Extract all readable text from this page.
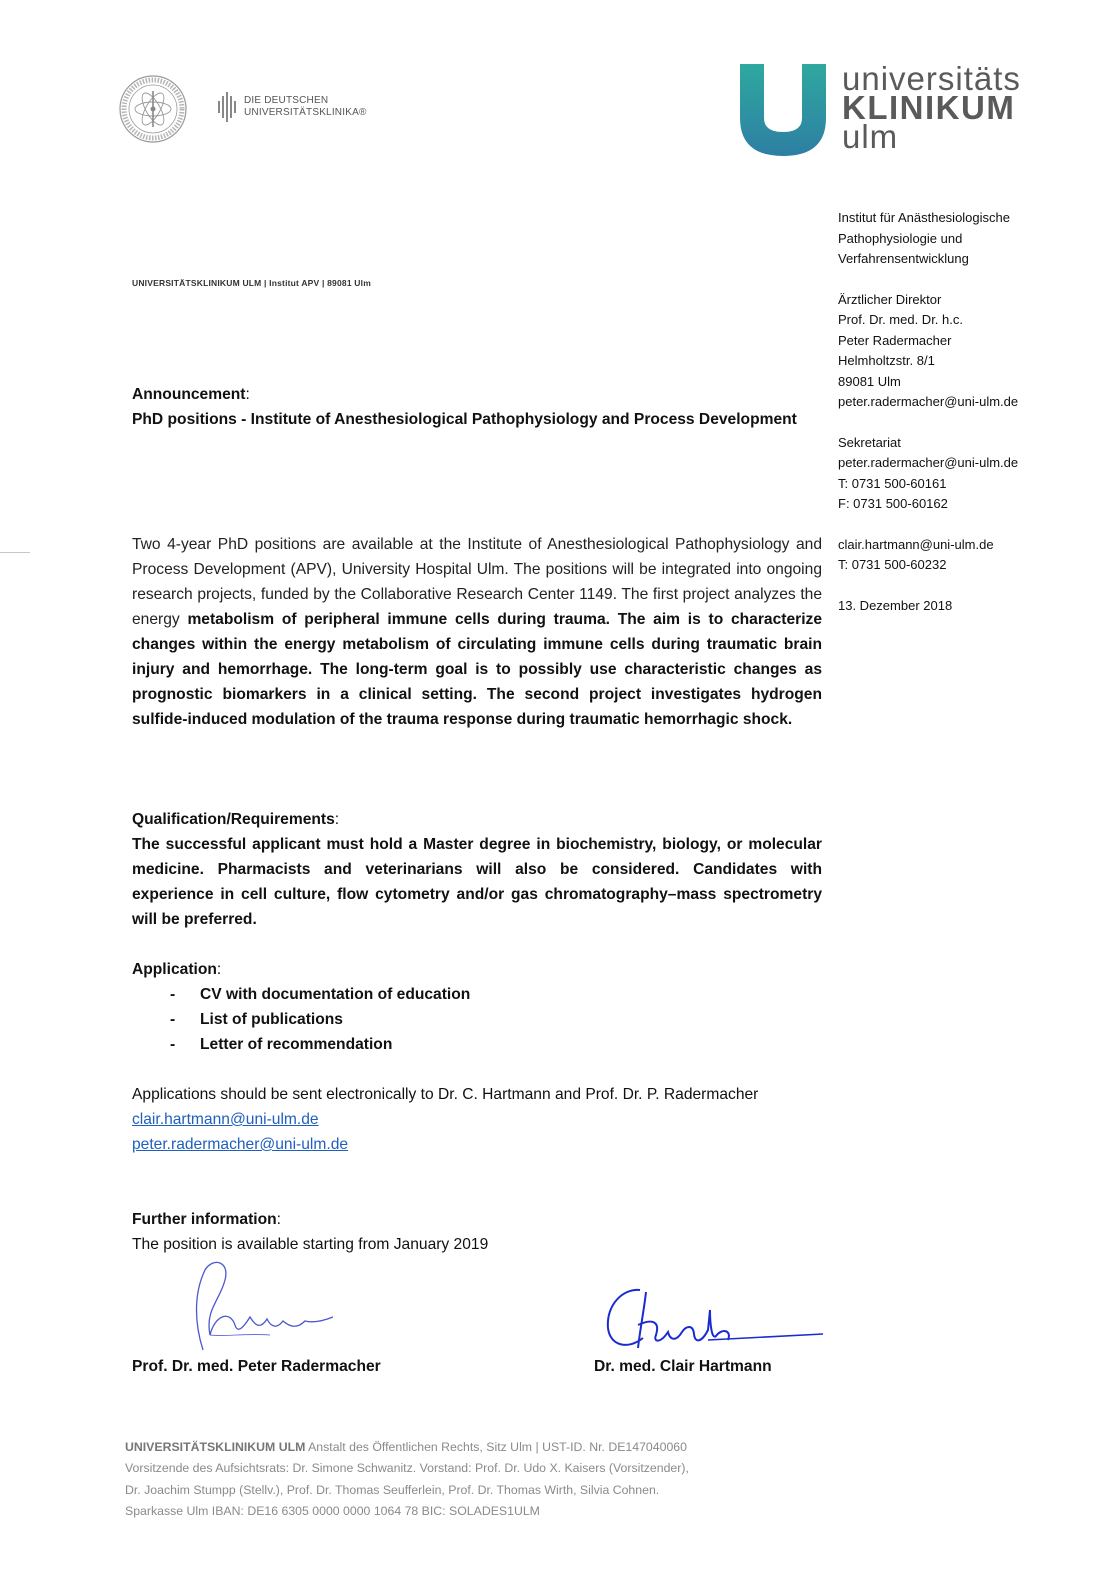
DIE DEUTSCHEN
UNIVERSITÄTSKLINIKA®
universitäts
KLINIKUM
ulm
Institut für Anästhesiologische
Pathophysiologie und
Verfahrensentwicklung
Ärztlicher Direktor
Prof. Dr. med. Dr. h.c.
Peter Radermacher
Helmholtzstr. 8/1
89081 Ulm
peter.radermacher@uni-ulm.de
Sekretariat
peter.radermacher@uni-ulm.de
T: 0731 500-60161
F: 0731 500-60162
clair.hartmann@uni-ulm.de
T: 0731 500-60232
13. Dezember 2018
UNIVERSITÄTSKLINIKUM ULM | Institut APV | 89081 Ulm
Announcement:
PhD positions - Institute of Anesthesiological Pathophysiology and Process Development
Two 4-year PhD positions are available at the Institute of Anesthesiological Pathophysiology and Process Development (APV), University Hospital Ulm. The positions will be integrated into ongoing research projects, funded by the Collaborative Research Center 1149. The first project analyzes the energy metabolism of peripheral immune cells during trauma. The aim is to characterize changes within the energy metabolism of circulating immune cells during traumatic brain injury and hemorrhage. The long-term goal is to possibly use characteristic changes as prognostic biomarkers in a clinical setting. The second project investigates hydrogen sulfide-induced modulation of the trauma response during traumatic hemorrhagic shock.
Qualification/Requirements:
The successful applicant must hold a Master degree in biochemistry, biology, or molecular medicine. Pharmacists and veterinarians will also be considered. Candidates with experience in cell culture, flow cytometry and/or gas chromatography–mass spectrometry will be preferred.
Application:
- CV with documentation of education
- List of publications
- Letter of recommendation
Applications should be sent electronically to Dr. C. Hartmann and Prof. Dr. P. Radermacher
clair.hartmann@uni-ulm.de
peter.radermacher@uni-ulm.de
Further information:
The position is available starting from January 2019
Prof. Dr. med. Peter Radermacher	Dr. med. Clair Hartmann
UNIVERSITÄTSKLINIKUM ULM Anstalt des Öffentlichen Rechts, Sitz Ulm | UST-ID. Nr. DE147040060
Vorsitzende des Aufsichtsrats: Dr. Simone Schwanitz. Vorstand: Prof. Dr. Udo X. Kaisers (Vorsitzender),
Dr. Joachim Stumpp (Stellv.), Prof. Dr. Thomas Seufferlein, Prof. Dr. Thomas Wirth, Silvia Cohnen.
Sparkasse Ulm IBAN: DE16 6305 0000 0000 1064 78 BIC: SOLADES1ULM
